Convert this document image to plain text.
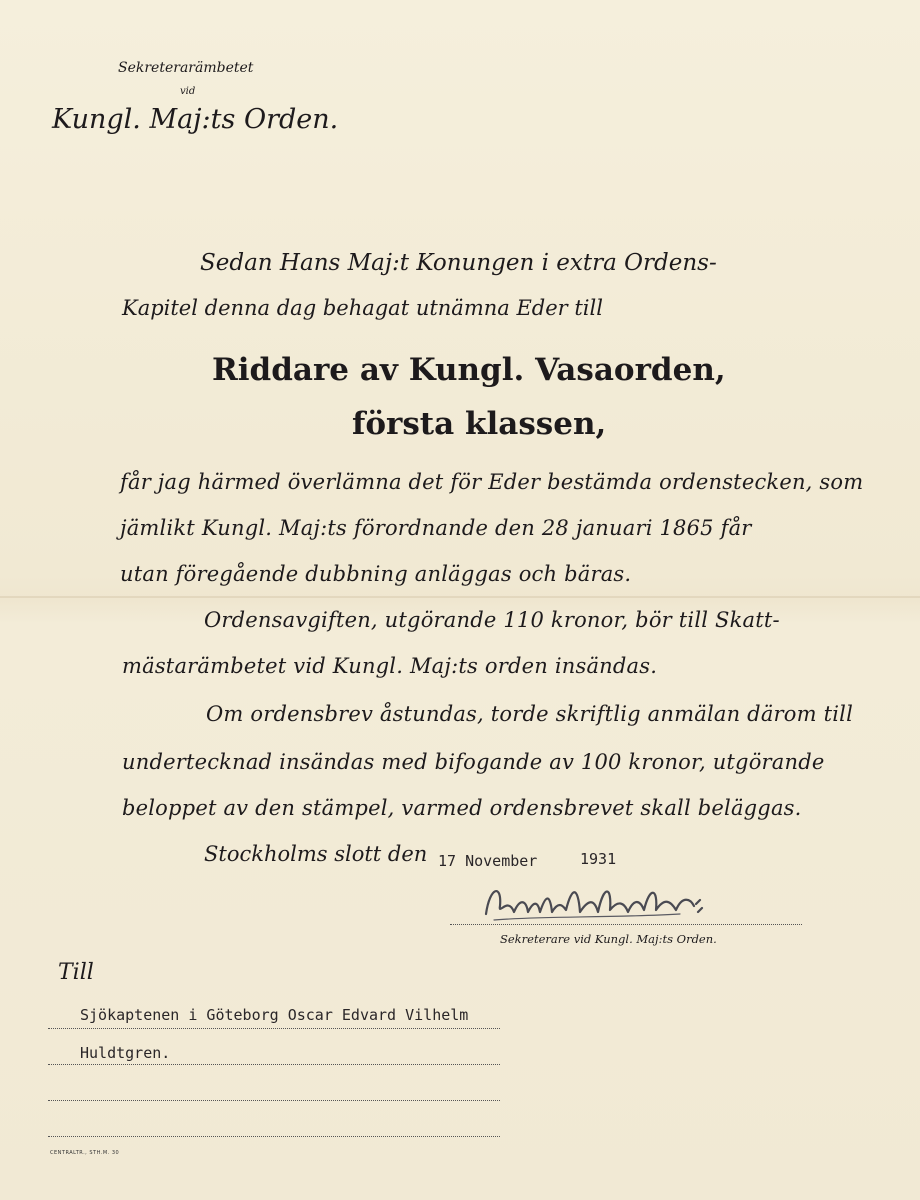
Sekreterarämbetet
vid
Kungl. Maj:ts Orden.
Sedan Hans Maj:t Konungen i extra Ordens-
Kapitel denna dag behagat utnämna Eder till
Riddare av Kungl. Vasaorden,
första klassen,
får jag härmed överlämna det för Eder bestämda ordenstecken, som
jämlikt Kungl. Maj:ts förordnande den 28 januari 1865 får
utan föregående dubbning anläggas och bäras.
Ordensavgiften, utgörande 110 kronor, bör till Skatt-
mästarämbetet vid Kungl. Maj:ts orden insändas.
Om ordensbrev åstundas, torde skriftlig anmälan därom till
undertecknad insändas med bifogande av 100 kronor, utgörande
beloppet av den stämpel, varmed ordensbrevet skall beläggas.
Stockholms slott den 17 November	1931
Sekreterare vid Kungl. Maj:ts Orden.
Till
Sjökaptenen i Göteborg Oscar Edvard Vilhelm
Huldtgren.
CENTRALTR., STH.M. 30
